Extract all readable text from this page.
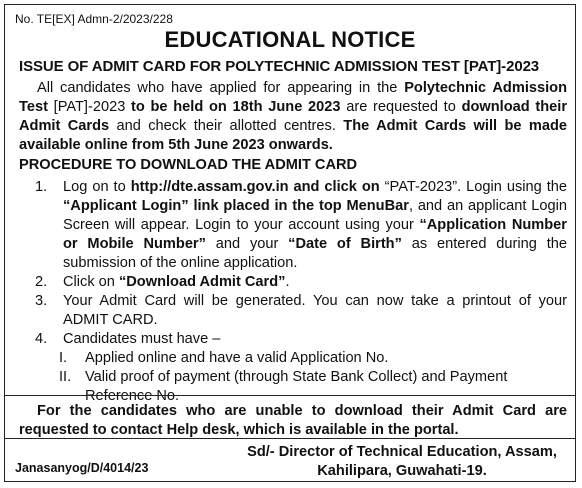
No. TE[EX] Admn-2/2023/228
EDUCATIONAL NOTICE
ISSUE OF ADMIT CARD FOR POLYTECHNIC ADMISSION TEST [PAT]-2023
All candidates who have applied for appearing in the Polytechnic Admission Test [PAT]-2023 to be held on 18th June 2023 are requested to download their Admit Cards and check their allotted centres. The Admit Cards will be made available online from 5th June 2023 onwards.
PROCEDURE TO DOWNLOAD THE ADMIT CARD
1. Log on to http://dte.assam.gov.in and click on “PAT-2023”. Login using the “Applicant Login” link placed in the top MenuBar, and an applicant Login Screen will appear. Login to your account using your “Application Number or Mobile Number” and your “Date of Birth” as entered during the submission of the online application.
2. Click on “Download Admit Card”.
3. Your Admit Card will be generated. You can now take a printout of your ADMIT CARD.
4. Candidates must have –
I. Applied online and have a valid Application No.
II. Valid proof of payment (through State Bank Collect) and Payment Reference No.
For the candidates who are unable to download their Admit Card are requested to contact Help desk, which is available in the portal.
Janasanyog/D/4014/23
Sd/- Director of Technical Education, Assam,
Kahilipara, Guwahati-19.
